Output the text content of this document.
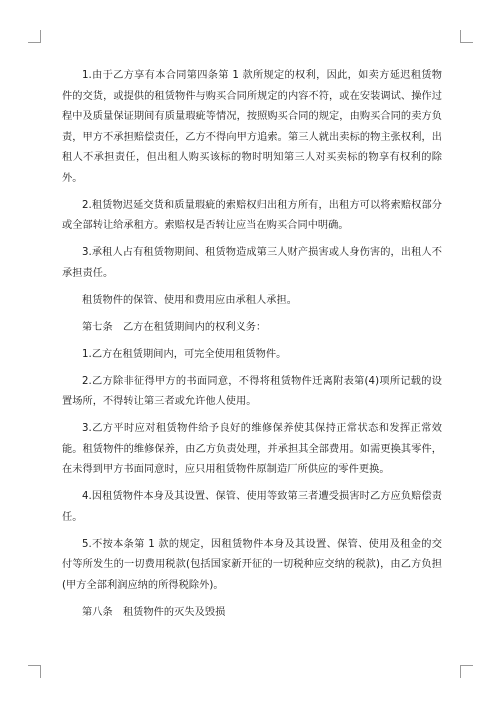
1.由于乙方享有本合同第四条第 1 款所规定的权利，因此，如卖方延迟租赁物件的交货，或提供的租赁物件与购买合同所规定的内容不符，或在安装调试、操作过程中及质量保证期间有质量瑕疵等情况，按照购买合同的规定，由购买合同的卖方负责，甲方不承担赔偿责任，乙方不得向甲方追索。第三人就出卖标的物主张权利，出租人不承担责任，但出租人购买该标的物时明知第三人对买卖标的物享有权利的除外。

2.租赁物迟延交货和质量瑕疵的索赔权归出租方所有，出租方可以将索赔权部分或全部转让给承租方。索赔权是否转让应当在购买合同中明确。

3.承租人占有租赁物期间、租赁物造成第三人财产损害或人身伤害的，出租人不承担责任。

租赁物件的保管、使用和费用应由承租人承担。

第七条　乙方在租赁期间内的权利义务：

1.乙方在租赁期间内，可完全使用租赁物件。

2.乙方除非征得甲方的书面同意，不得将租赁物件迁离附表第(4)项所记载的设置场所，不得转让第三者或允许他人使用。

3.乙方平时应对租赁物件给予良好的维修保养使其保持正常状态和发挥正常效能。租赁物件的维修保养，由乙方负责处理，并承担其全部费用。如需更换其零件，在未得到甲方书面同意时，应只用租赁物件原制造厂所供应的零件更换。

4.因租赁物件本身及其设置、保管、使用等致第三者遭受损害时乙方应负赔偿责任。

5.不按本条第 1 款的规定，因租赁物件本身及其设置、保管、使用及租金的交付等所发生的一切费用税款(包括国家新开征的一切税种应交纳的税款)，由乙方负担(甲方全部利润应纳的所得税除外)。

第八条　租赁物件的灭失及毁损
